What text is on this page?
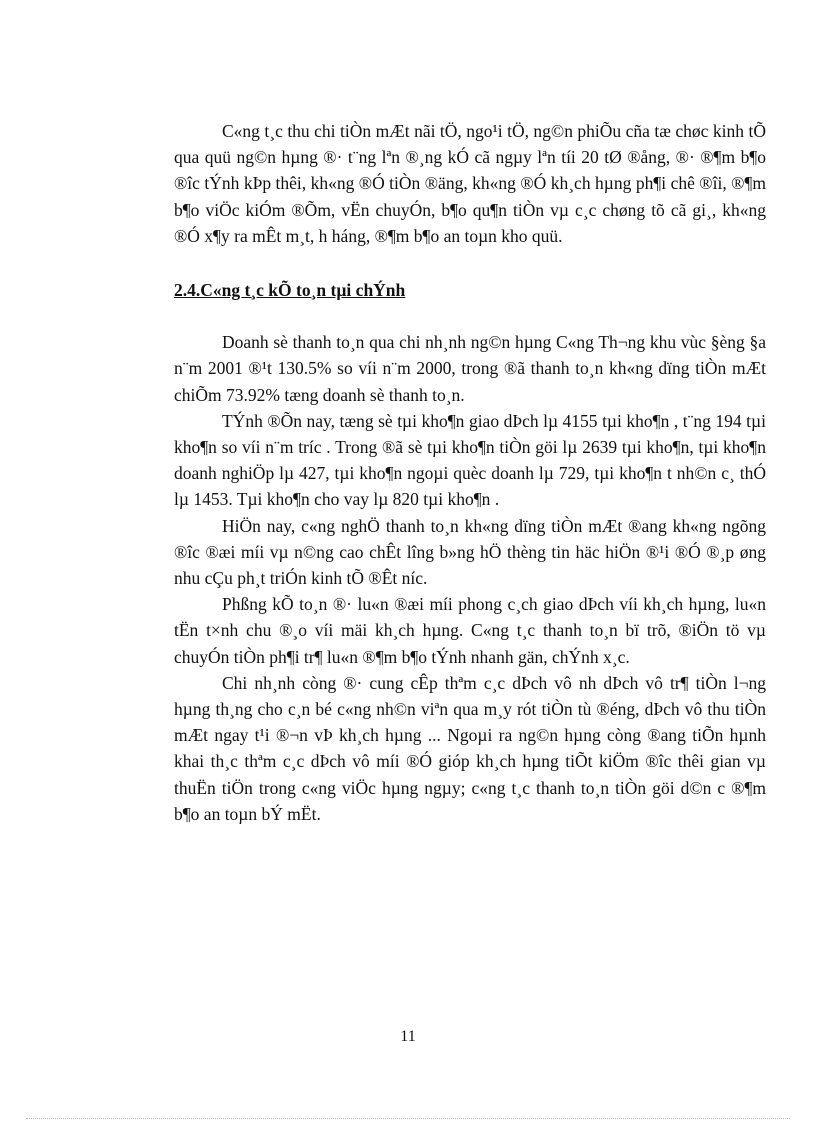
C«ng t¸c thu chi tiÒn mÆt nãi tÖ, ngo¹i tÖ, ng©n phiÕu cña tæ chøc kinh tÕ qua quü ng©n hµng ®· t¨ng lªn ®¸ng kÓ cã ngµy lªn tíi 20 tØ ®ång, ®· ®¶m b¶o ®îc tÝnh kÞp thêi, kh«ng ®Ó tiÒn ®äng, kh«ng ®Ó kh¸ch hµng ph¶i chê ®îi, ®¶m b¶o viÖc kiÓm ®Õm, vËn chuyÓn, b¶o qu¶n tiÒn vµ c¸c chøng tõ cã gi¸, kh«ng ®Ó x¶y ra mÊt m¸t, h háng, ®¶m b¶o an toµn kho quü.

2.4.C«ng t¸c kÕ to¸n tµi chÝnh

Doanh sè thanh to¸n qua chi nh¸nh ng©n hµng C«ng Th¬ng khu vùc §èng §a n¨m 2001 ®¹t 130.5% so víi n¨m 2000, trong ®ã thanh to¸n kh«ng dïng tiÒn mÆt chiÕm 73.92% tæng doanh sè thanh to¸n.

TÝnh ®Õn nay, tæng sè tµi kho¶n giao dÞch lµ 4155 tµi kho¶n , t¨ng 194 tµi kho¶n so víi n¨m tríc . Trong ®ã sè tµi kho¶n tiÒn göi lµ 2639 tµi kho¶n, tµi kho¶n doanh nghiÖp lµ 427, tµi kho¶n ngoµi quèc doanh lµ 729, tµi kho¶n t nh©n c¸ thÓ lµ 1453. Tµi kho¶n cho vay lµ 820 tµi kho¶n .

HiÖn nay, c«ng nghÖ thanh to¸n kh«ng dïng tiÒn mÆt ®ang kh«ng ngõng ®îc ®æi míi vµ n©ng cao chÊt lîng b»ng hÖ thèng tin häc hiÖn ®¹i ®Ó ®¸p øng nhu cÇu ph¸t triÓn kinh tÕ ®Êt níc.

Phßng kÕ to¸n ®· lu«n ®æi míi phong c¸ch giao dÞch víi kh¸ch hµng, lu«n tËn t×nh chu ®¸o víi mäi kh¸ch hµng. C«ng t¸c thanh to¸n bï trõ, ®iÖn tö vµ chuyÓn tiÒn ph¶i tr¶ lu«n ®¶m b¶o tÝnh nhanh gän, chÝnh x¸c.

Chi nh¸nh còng ®· cung cÊp thªm c¸c dÞch vô nh dÞch vô tr¶ tiÒn l¬ng hµng th¸ng cho c¸n bé c«ng nh©n viªn qua m¸y rót tiÒn tù ®éng, dÞch vô thu tiÒn mÆt ngay t¹i ®¬n vÞ kh¸ch hµng ... Ngoµi ra ng©n hµng còng ®ang tiÕn hµnh khai th¸c thªm c¸c dÞch vô míi ®Ó gióp kh¸ch hµng tiÕt kiÖm ®îc thêi gian vµ thuËn tiÖn trong c«ng viÖc hµng ngµy; c«ng t¸c thanh to¸n tiÒn göi d©n c ®¶m b¶o an toµn bÝ mËt.

11
